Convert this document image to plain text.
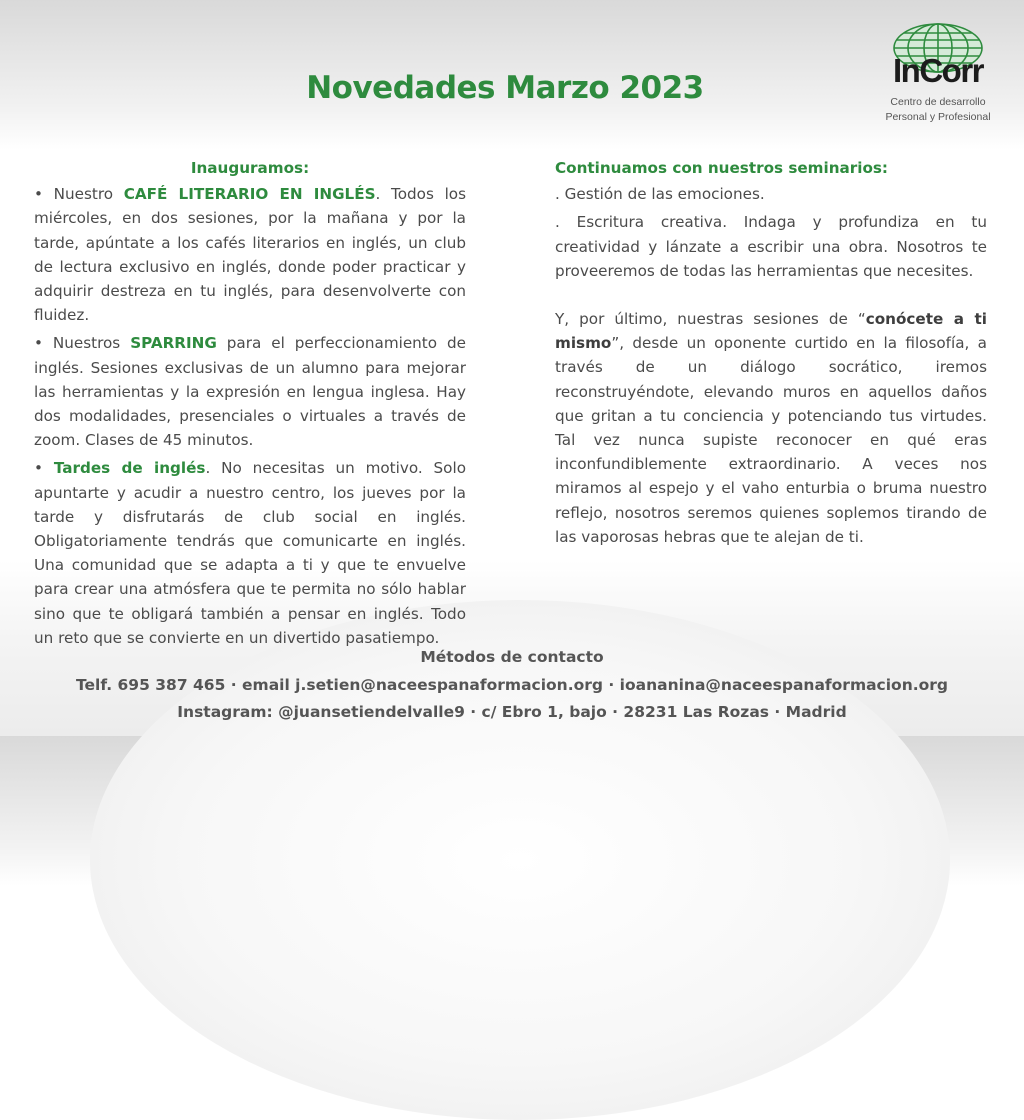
Novedades Marzo 2023	InCorr
Centro de desarrollo
Personal y Profesional
Inauguramos:

• Nuestro CAFÉ LITERARIO EN INGLÉS. Todos los miércoles, en dos sesiones, por la mañana y por la tarde, apúntate a los cafés literarios en inglés, un club de lectura exclusivo en inglés, donde poder practicar y adquirir destreza en tu inglés, para desenvolverte con fluidez.

• Nuestros SPARRING para el perfeccionamiento de inglés. Sesiones exclusivas de un alumno para mejorar las herramientas y la expresión en lengua inglesa. Hay dos modalidades, presenciales o virtuales a través de zoom. Clases de 45 minutos.

• Tardes de inglés. No necesitas un motivo. Solo apuntarte y acudir a nuestro centro, los jueves por la tarde y disfrutarás de club social en inglés. Obligatoriamente tendrás que comunicarte en inglés. Una comunidad que se adapta a ti y que te envuelve para crear una atmósfera que te permita no sólo hablar sino que te obligará también a pensar en inglés. Todo un reto que se convierte en un divertido pasatiempo.

Continuamos con nuestros seminarios:

. Gestión de las emociones.

. Escritura creativa. Indaga y profundiza en tu creatividad y lánzate a escribir una obra. Nosotros te proveeremos de todas las herramientas que necesites.

Y, por último, nuestras sesiones de “conócete a ti mismo”, desde un oponente curtido en la filosofía, a través de un diálogo socrático, iremos reconstruyéndote, elevando muros en aquellos daños que gritan a tu conciencia y potenciando tus virtudes. Tal vez nunca supiste reconocer en qué eras inconfundiblemente extraordinario. A veces nos miramos al espejo y el vaho enturbia o bruma nuestro reflejo, nosotros seremos quienes soplemos tirando de las vaporosas hebras que te alejan de ti.

Métodos de contacto
Telf. 695 387 465 · email j.setien@naceespanaformacion.org · ioananina@naceespanaformacion.org
Instagram: @juansetiendelvalle9 · c/ Ebro 1, bajo · 28231 Las Rozas · Madrid
